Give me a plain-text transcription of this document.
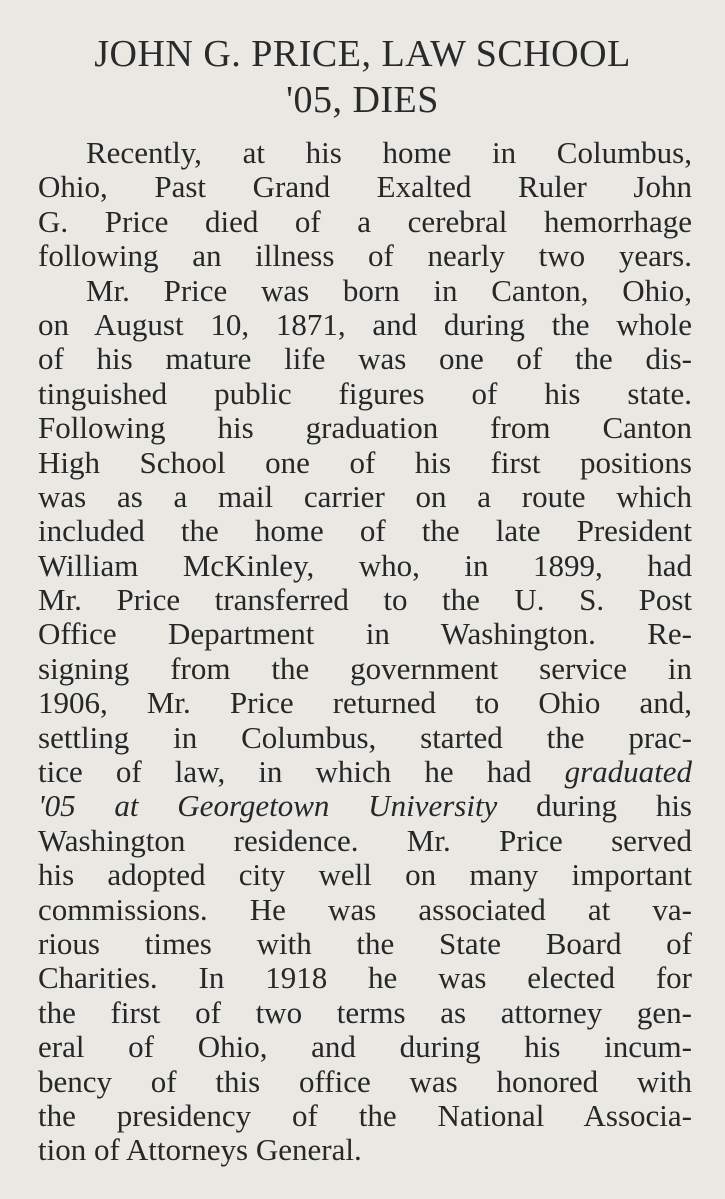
JOHN G. PRICE, LAW SCHOOL
'05, DIES
Recently, at his home in Columbus,
Ohio, Past Grand Exalted Ruler John
G. Price died of a cerebral hemorrhage
following an illness of nearly two years.
Mr. Price was born in Canton, Ohio,
on August 10, 1871, and during the whole
of his mature life was one of the dis-
tinguished public figures of his state.
Following his graduation from Canton
High School one of his first positions
was as a mail carrier on a route which
included the home of the late President
William McKinley, who, in 1899, had
Mr. Price transferred to the U. S. Post
Office Department in Washington. Re-
signing from the government service in
1906, Mr. Price returned to Ohio and,
settling in Columbus, started the prac-
tice of law, in which he had graduated
'05 at Georgetown University during his
Washington residence. Mr. Price served
his adopted city well on many important
commissions. He was associated at va-
rious times with the State Board of
Charities. In 1918 he was elected for
the first of two terms as attorney gen-
eral of Ohio, and during his incum-
bency of this office was honored with
the presidency of the National Associa-
tion of Attorneys General.
